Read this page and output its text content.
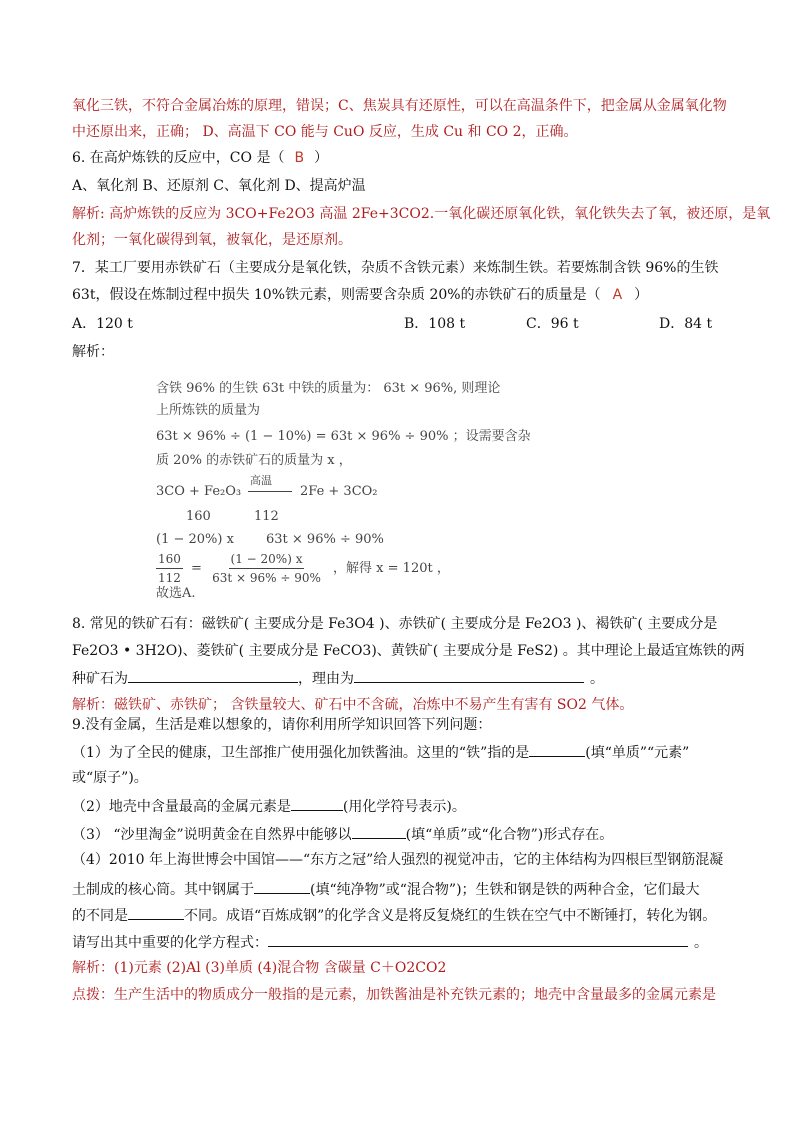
氧化三铁，不符合金属冶炼的原理，错误；C、焦炭具有还原性，可以在高温条件下，把金属从金属氧化物
中还原出来，正确； D、高温下 CO 能与 CuO 反应，生成 Cu 和 CO 2，正确。
6. 在高炉炼铁的反应中，CO 是（ B ）
A、氧化剂 B、还原剂 C、氧化剂 D、提高炉温
解析: 高炉炼铁的反应为 3CO+Fe2O3 高温 2Fe+3CO2.一氧化碳还原氧化铁，氧化铁失去了氧，被还原，是氧
化剂；一氧化碳得到氧，被氧化，是还原剂。
7．某工厂要用赤铁矿石（主要成分是氧化铁，杂质不含铁元素）来炼制生铁。若要炼制含铁 96%的生铁
63t，假设在炼制过程中损失 10%铁元素，则需要含杂质 20%的赤铁矿石的质量是（ A ）
A．120 t	B．108 t	C．96 t	D．84 t
解析：
含铁 96% 的生铁 63t 中铁的质量为： 63t × 96%, 则理论
上所炼铁的质量为
63t × 96% ÷ (1 − 10%) = 63t × 96% ÷ 90% ；设需要含杂
质 20% 的赤铁矿石的质量为 x ，
3CO + Fe₂O₃
高温
2Fe + 3CO₂
160	112
(1 − 20%) x 63t × 96% ÷ 90%
$\frac{160}{112} = \frac{(1 - 20\%) x}{63t \times 96\% \div 90\%}$ ，解得 x = 120t ，
故选A.
8. 常见的铁矿石有：磁铁矿( 主要成分是 Fe3O4 )、赤铁矿( 主要成分是 Fe2O3 )、褐铁矿( 主要成分是
Fe2O3 • 3H2O)、菱铁矿( 主要成分是 FeCO3)、黄铁矿( 主要成分是 FeS2) 。其中理论上最适宜炼铁的两
种矿石为	，理由为	。
解析：磁铁矿、赤铁矿； 含铁量较大、矿石中不含硫，冶炼中不易产生有害有 SO2 气体。
9.没有金属，生活是难以想象的，请你利用所学知识回答下列问题：
（1）为了全民的健康，卫生部推广使用强化加铁酱油。这里的“铁”指的是	(填“单质”“元素”
或“原子”)。
（2）地壳中含量最高的金属元素是	(用化学符号表示)。
（3） “沙里淘金”说明黄金在自然界中能够以	(填“单质”或“化合物”)形式存在。
（4）2010 年上海世博会中国馆——“东方之冠”给人强烈的视觉冲击，它的主体结构为四根巨型钢筋混凝
土制成的核心筒。其中钢属于	(填“纯净物”或“混合物”)；生铁和钢是铁的两种合金，它们最大
的不同是	不同。成语“百炼成钢”的化学含义是将反复烧红的生铁在空气中不断锤打，转化为钢。
请写出其中重要的化学方程式：	。
解析：(1)元素 (2)Al (3)单质 (4)混合物 含碳量 C＋O2CO2
点拨：生产生活中的物质成分一般指的是元素，加铁酱油是补充铁元素的；地壳中含量最多的金属元素是
